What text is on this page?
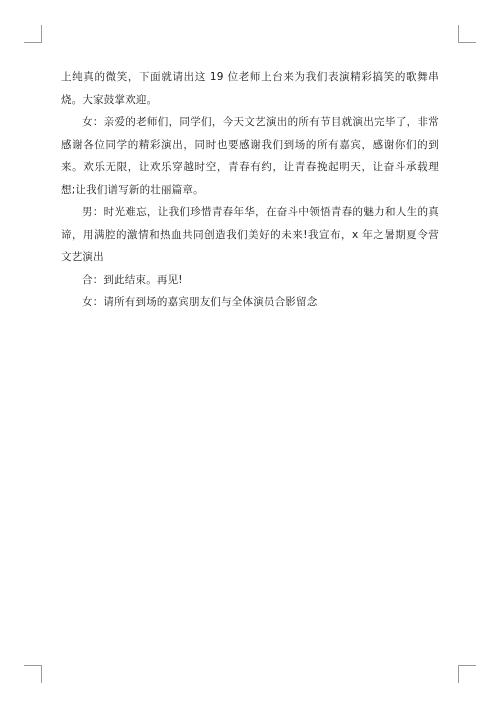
上纯真的微笑，下面就请出这 19 位老师上台来为我们表演精彩搞笑的歌舞串烧。大家鼓掌欢迎。

女：亲爱的老师们，同学们，今天文艺演出的所有节目就演出完毕了，非常感谢各位同学的精彩演出，同时也要感谢我们到场的所有嘉宾，感谢你们的到来。欢乐无限，让欢乐穿越时空，青春有约，让青春挽起明天，让奋斗承载理想;让我们谱写新的壮丽篇章。

男：时光难忘，让我们珍惜青春年华，在奋斗中领悟青春的魅力和人生的真谛，用满腔的激情和热血共同创造我们美好的未来!我宣布，x 年之暑期夏令营文艺演出

合：到此结束。再见!

女：请所有到场的嘉宾朋友们与全体演员合影留念
